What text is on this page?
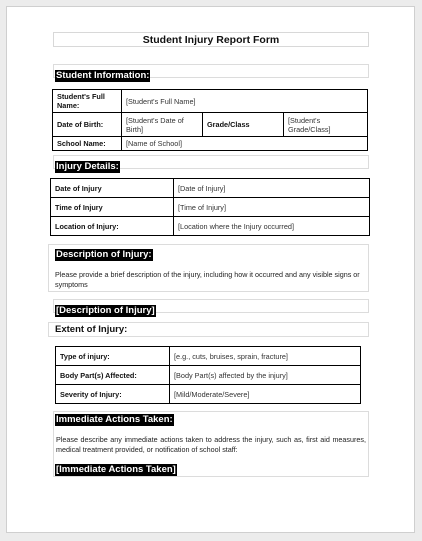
Student Injury Report Form
Student Information:
Student's Full Name:	[Student's Full Name]		
Date of Birth:	[Student's Date of Birth]	Grade/Class	[Student's Grade/Class]
School Name:	[Name of School]		
Injury Details:
Date of Injury	[Date of Injury]
Time of Injury	[Time of Injury]
Location of Injury:	[Location where the Injury occurred]
Description of Injury:
Please provide a brief description of the injury, including how it occurred and any visible signs or symptoms
[Description of Injury]
Extent of Injury:
Type of injury:	[e.g., cuts, bruises, sprain, fracture]
Body Part(s) Affected:	[Body Part(s) affected by the injury]
Severity of Injury:	[Mild/Moderate/Severe]
Immediate Actions Taken:
Please describe any immediate actions taken to address the injury, such as, first aid measures, medical treatment provided, or notification of school staff:
[Immediate Actions Taken]
